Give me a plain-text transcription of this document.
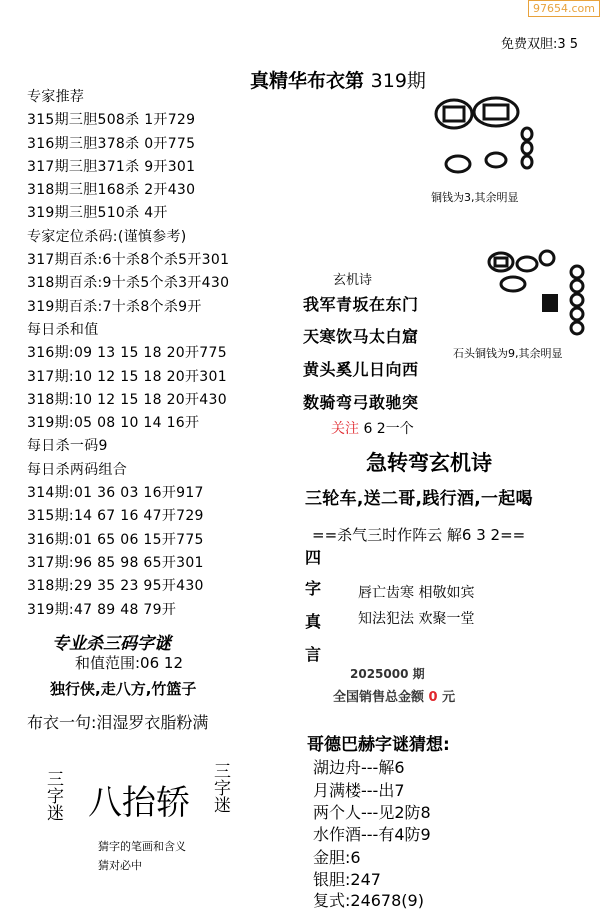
97654.com
免费双胆:3 5
真精华布衣第 319期
专家推荐
315期三胆508杀 1开729
316期三胆378杀 0开775
317期三胆371杀 9开301
318期三胆168杀 2开430
319期三胆510杀 4开
专家定位杀码:(谨慎参考)
317期百杀:6十杀8个杀5开301
318期百杀:9十杀5个杀3开430
319期百杀:7十杀8个杀9开
每日杀和值
316期:09 13 15 18 20开775
317期:10 12 15 18 20开301
318期:10 12 15 18 20开430
319期:05 08 10 14 16开
每日杀一码9
每日杀两码组合
314期:01 36 03 16开917
315期:14 67 16 47开729
316期:01 65 06 15开775
317期:96 85 98 65开301
318期:29 35 23 95开430
319期:47 89 48 79开
专业杀三码字谜
和值范围:06 12
独行侠,走八方,竹篮子
布衣一句:泪湿罗衣脂粉满
三字迷 八抬轿 三字迷
猜字的笔画和含义
猜对必中
铜钱为3,其余明显
石头铜钱为9,其余明显
玄机诗
我军青坂在东门
天寒饮马太白窟
黄头奚儿日向西
数骑弯弓敢驰突
关注 6 2一个
急转弯玄机诗
三轮车,送二哥,践行酒,一起喝
==杀气三时作阵云 解6 3 2==
四
字
真
言
唇亡齿寒 相敬如宾
知法犯法 欢聚一堂
2025000 期
全国销售总金额 0 元
哥德巴赫字谜猜想:
湖边舟---解6
月满楼---出7
两个人---见2防8
水作酒---有4防9
金胆:6
银胆:247
复式:24678(9)
